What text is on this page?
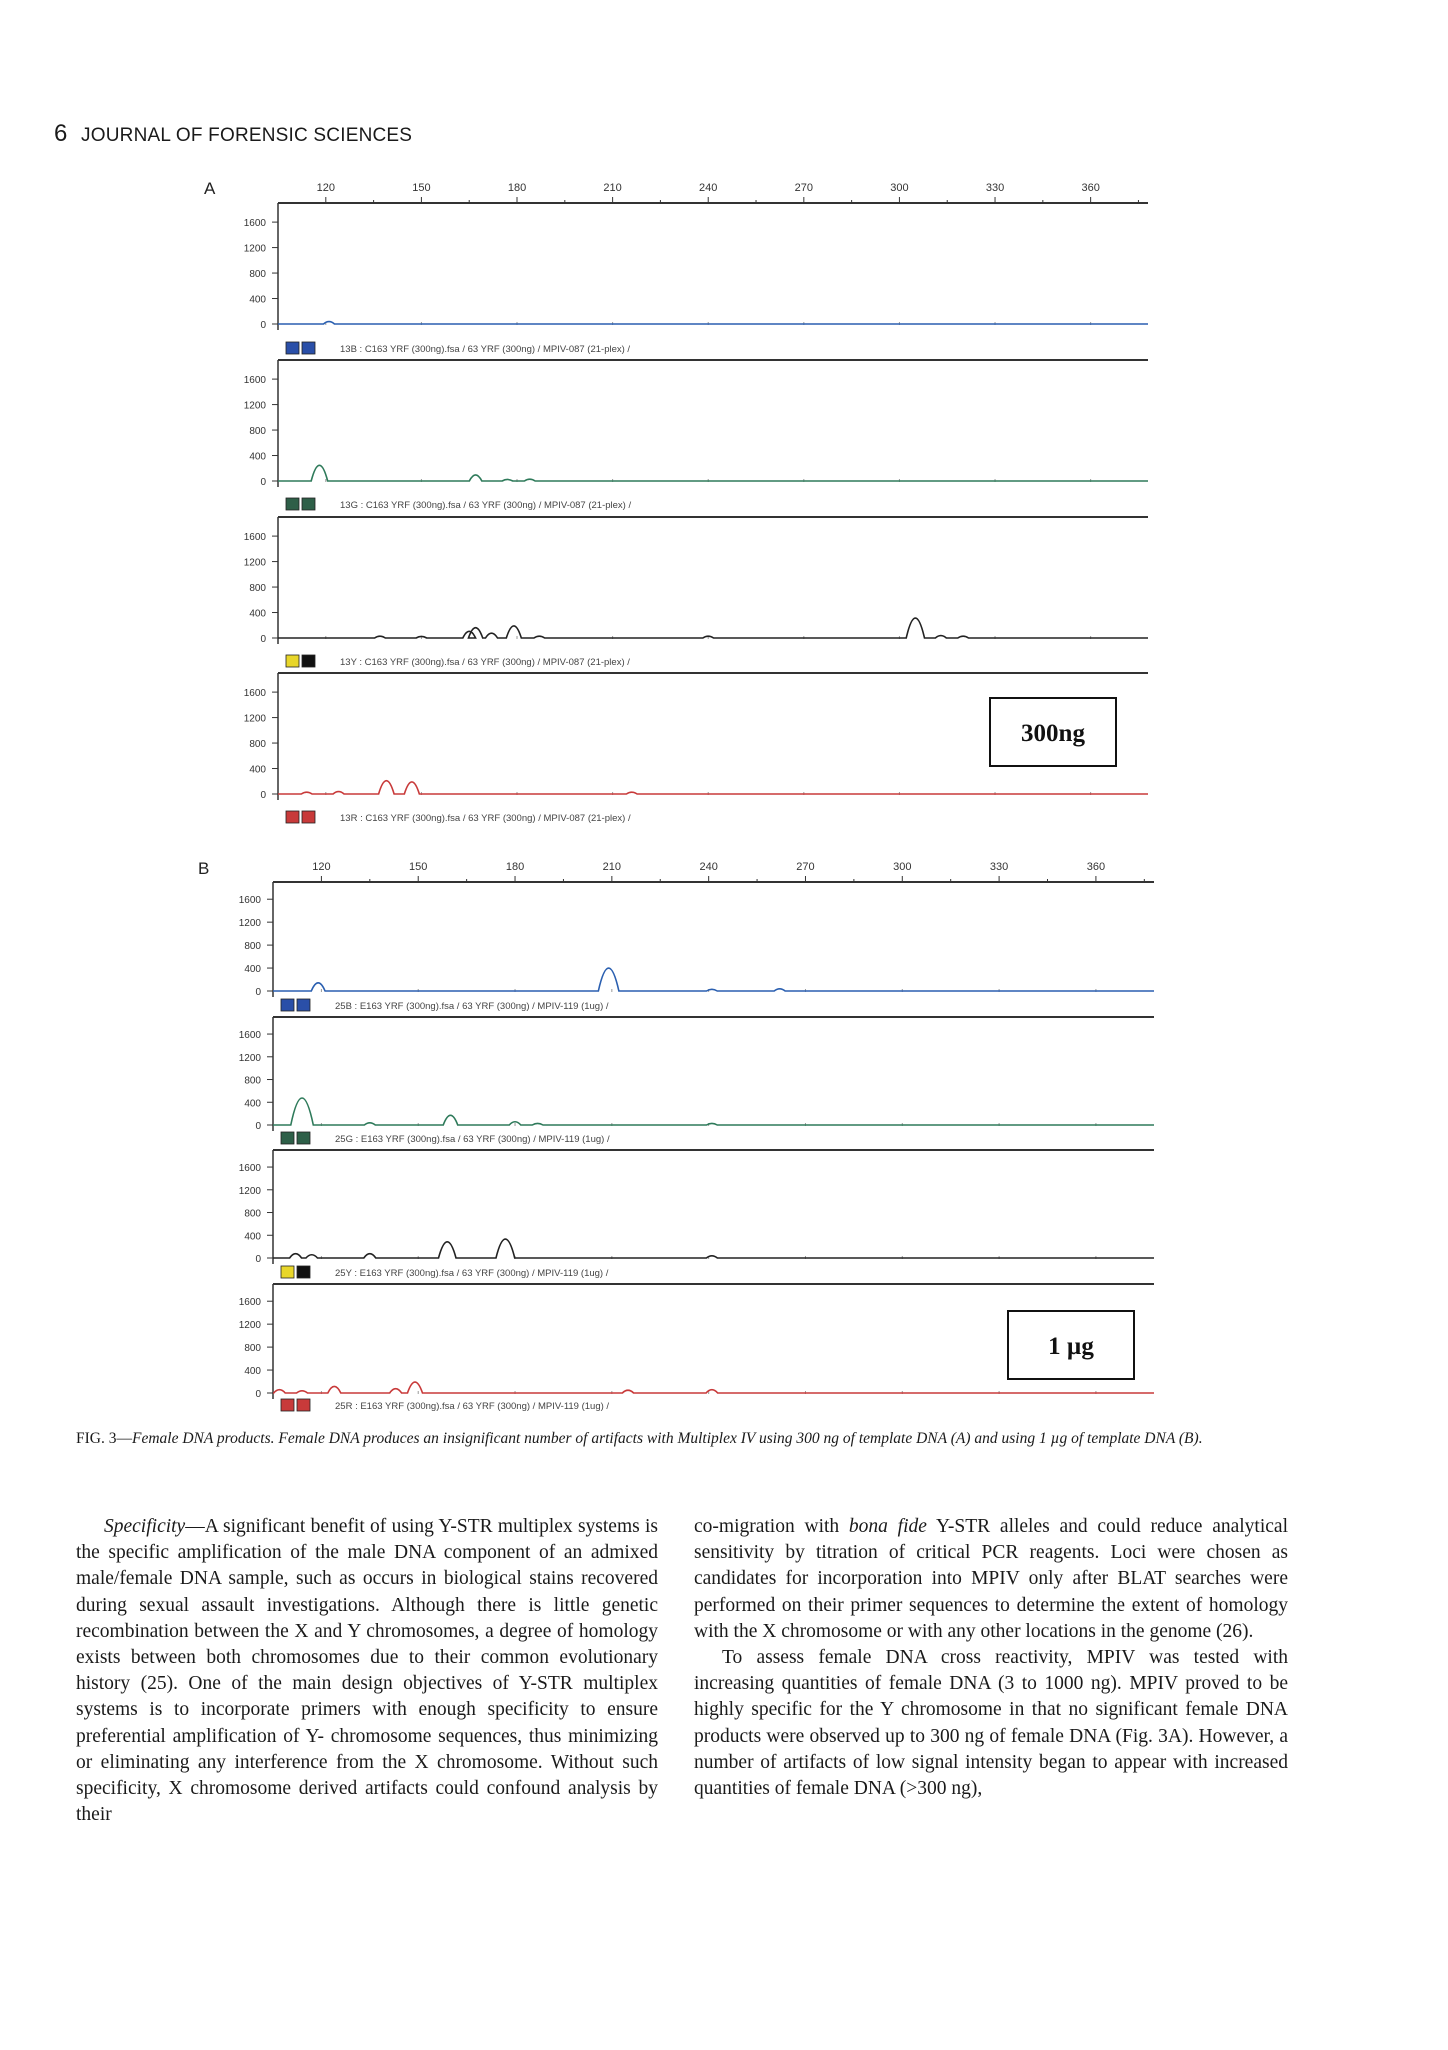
6 JOURNAL OF FORENSIC SCIENCES
A	120	150	180	210	240	270	300	330	360
1600
1200
800
400
0
13B : C163 YRF (300ng).fsa / 63 YRF (300ng) / MPIV-087 (21-plex) /
1600
1200
800
400
0
13G : C163 YRF (300ng).fsa / 63 YRF (300ng) / MPIV-087 (21-plex) /
1600
1200
800
400
0
13Y : C163 YRF (300ng).fsa / 63 YRF (300ng) / MPIV-087 (21-plex) /
1600
1200
800
400
0
13R : C163 YRF (300ng).fsa / 63 YRF (300ng) / MPIV-087 (21-plex) /
300ng
B	120	150	180	210	240	270	300	330	360
1600
1200
800
400
0
25B : E163 YRF (300ng).fsa / 63 YRF (300ng) / MPIV-119 (1ug) /
1600
1200
800
400
0
25G : E163 YRF (300ng).fsa / 63 YRF (300ng) / MPIV-119 (1ug) /
1600
1200
800
400
0
25Y : E163 YRF (300ng).fsa / 63 YRF (300ng) / MPIV-119 (1ug) /
1600
1200
800
400
0
25R : E163 YRF (300ng).fsa / 63 YRF (300ng) / MPIV-119 (1ug) /
1 µg
FIG. 3—Female DNA products. Female DNA produces an insignificant number of artifacts with Multiplex IV using 300 ng of template DNA (A) and using 1 µg of template DNA (B).

Specificity—A significant benefit of using Y-STR multiplex systems is the specific amplification of the male DNA component of an admixed male/female DNA sample, such as occurs in biological stains recovered during sexual assault investigations. Although there is little genetic recombination between the X and Y chromosomes, a degree of homology exists between both chromosomes due to their common evolutionary history (25). One of the main design objectives of Y-STR multiplex systems is to incorporate primers with enough specificity to ensure preferential amplification of Y- chromosome sequences, thus minimizing or eliminating any interference from the X chromosome. Without such specificity, X chromosome derived artifacts could confound analysis by their

co-migration with bona fide Y-STR alleles and could reduce analytical sensitivity by titration of critical PCR reagents. Loci were chosen as candidates for incorporation into MPIV only after BLAT searches were performed on their primer sequences to determine the extent of homology with the X chromosome or with any other locations in the genome (26).

To assess female DNA cross reactivity, MPIV was tested with increasing quantities of female DNA (3 to 1000 ng). MPIV proved to be highly specific for the Y chromosome in that no significant female DNA products were observed up to 300 ng of female DNA (Fig. 3A). However, a number of artifacts of low signal intensity began to appear with increased quantities of female DNA (>300 ng),
